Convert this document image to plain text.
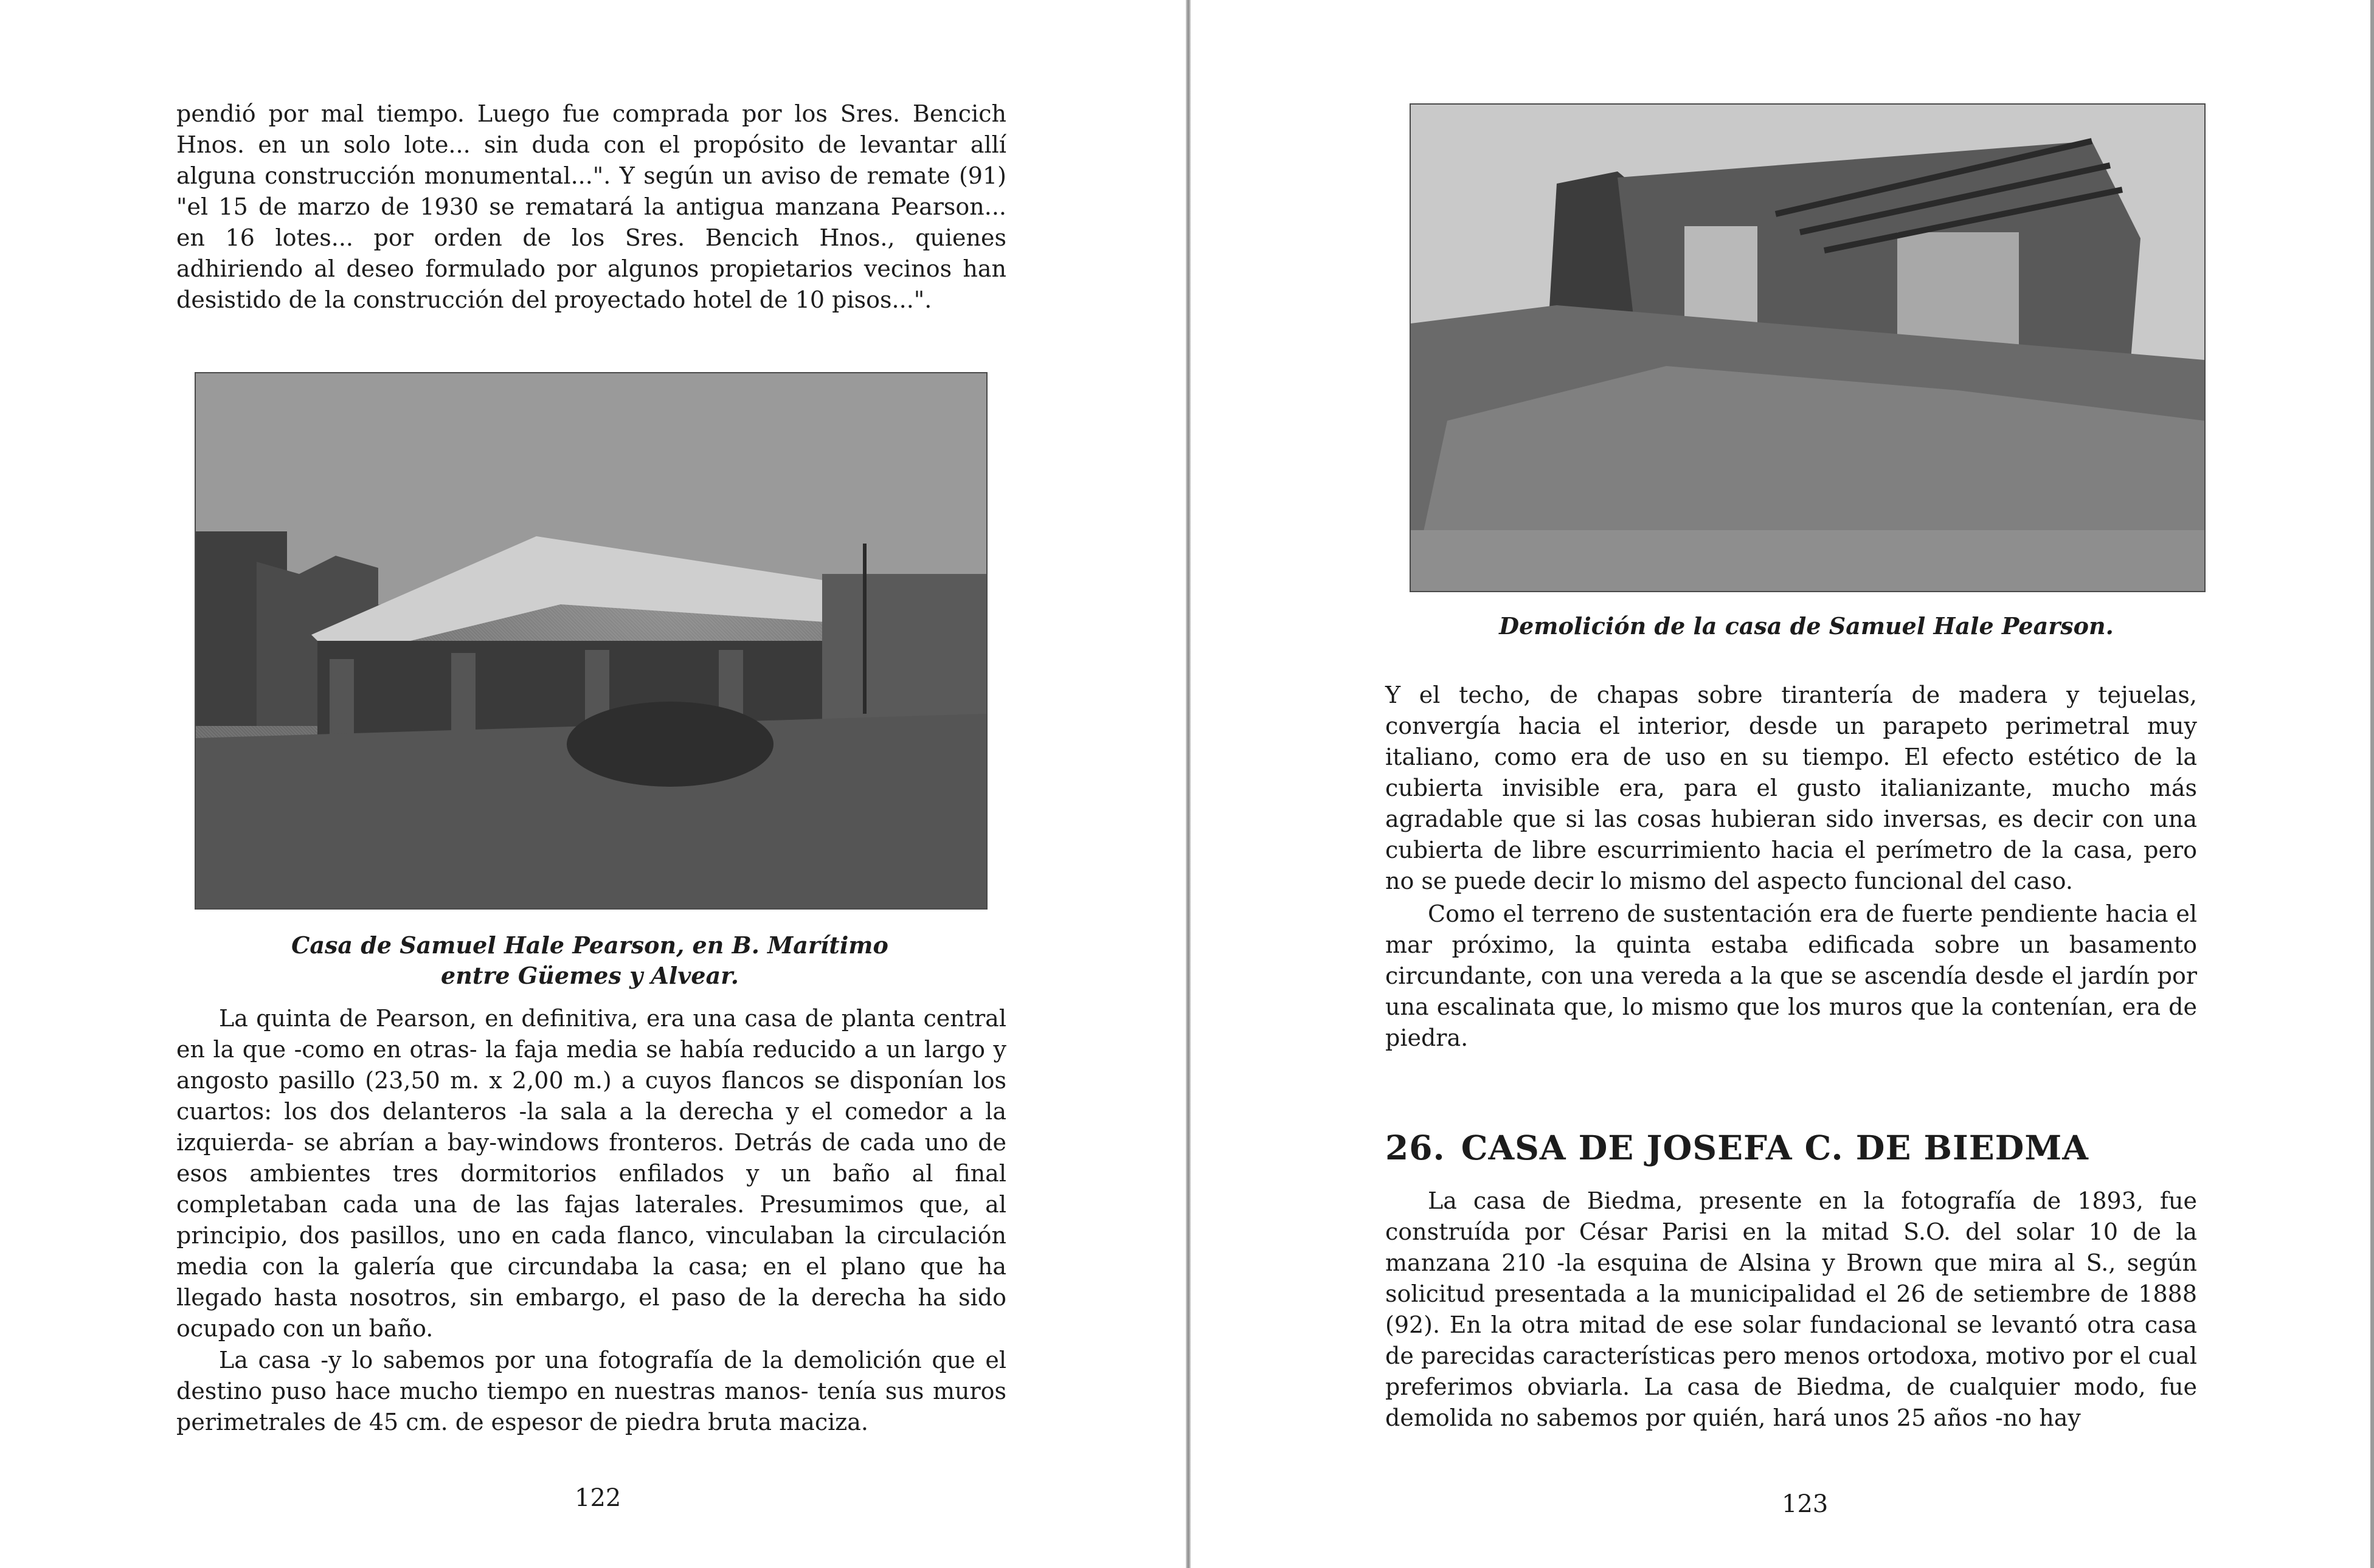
pendió por mal tiempo. Luego fue comprada por los Sres. Bencich Hnos. en un solo lote... sin duda con el propósito de levantar allí alguna construcción monumental...". Y según un aviso de remate (91) "el 15 de marzo de 1930 se rematará la antigua manzana Pearson... en 16 lotes... por orden de los Sres. Bencich Hnos., quienes adhiriendo al deseo formulado por algunos propietarios vecinos han desistido de la construcción del proyectado hotel de 10 pisos...".

Casa de Samuel Hale Pearson, en B. Marítimo
entre Güemes y Alvear.

La quinta de Pearson, en definitiva, era una casa de planta central en la que -como en otras- la faja media se había reducido a un largo y angosto pasillo (23,50 m. x 2,00 m.) a cuyos flancos se disponían los cuartos: los dos delanteros -la sala a la derecha y el comedor a la izquierda- se abrían a bay-windows fronteros. Detrás de cada uno de esos ambientes tres dormitorios enfilados y un baño al final completaban cada una de las fajas laterales. Presumimos que, al principio, dos pasillos, uno en cada flanco, vinculaban la circulación media con la galería que circundaba la casa; en el plano que ha llegado hasta nosotros, sin embargo, el paso de la derecha ha sido ocupado con un baño.

La casa -y lo sabemos por una fotografía de la demolición que el destino puso hace mucho tiempo en nuestras manos- tenía sus muros perimetrales de 45 cm. de espesor de piedra bruta maciza.

122

Demolición de la casa de Samuel Hale Pearson.

Y el techo, de chapas sobre tirantería de madera y tejuelas, convergía hacia el interior, desde un parapeto perimetral muy italiano, como era de uso en su tiempo. El efecto estético de la cubierta invisible era, para el gusto italianizante, mucho más agradable que si las cosas hubieran sido inversas, es decir con una cubierta de libre escurrimiento hacia el perímetro de la casa, pero no se puede decir lo mismo del aspecto funcional del caso.

Como el terreno de sustentación era de fuerte pendiente hacia el mar próximo, la quinta estaba edificada sobre un basamento circundante, con una vereda a la que se ascendía desde el jardín por una escalinata que, lo mismo que los muros que la contenían, era de piedra.

26. CASA DE JOSEFA C. DE BIEDMA

La casa de Biedma, presente en la fotografía de 1893, fue construída por César Parisi en la mitad S.O. del solar 10 de la manzana 210 -la esquina de Alsina y Brown que mira al S., según solicitud presentada a la municipalidad el 26 de setiembre de 1888 (92). En la otra mitad de ese solar fundacional se levantó otra casa de parecidas características pero menos ortodoxa, motivo por el cual preferimos obviarla. La casa de Biedma, de cualquier modo, fue demolida no sabemos por quién, hará unos 25 años -no hay

123
